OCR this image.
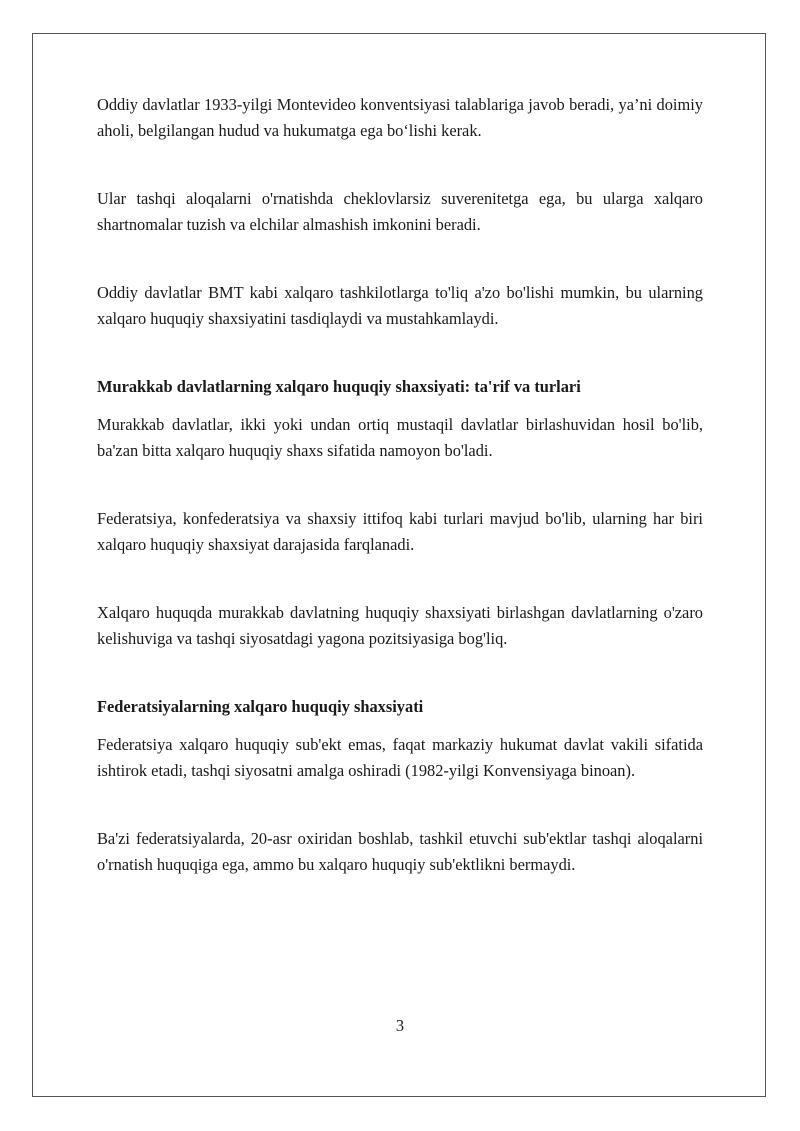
Oddiy davlatlar 1933-yilgi Montevideo konventsiyasi talablariga javob beradi, ya’ni doimiy aholi, belgilangan hudud va hukumatga ega bo‘lishi kerak.

Ular tashqi aloqalarni o'rnatishda cheklovlarsiz suverenitetga ega, bu ularga xalqaro shartnomalar tuzish va elchilar almashish imkonini beradi.

Oddiy davlatlar BMT kabi xalqaro tashkilotlarga to'liq a'zo bo'lishi mumkin, bu ularning xalqaro huquqiy shaxsiyatini tasdiqlaydi va mustahkamlaydi.

Murakkab davlatlarning xalqaro huquqiy shaxsiyati: ta'rif va turlari

Murakkab davlatlar, ikki yoki undan ortiq mustaqil davlatlar birlashuvidan hosil bo'lib, ba'zan bitta xalqaro huquqiy shaxs sifatida namoyon bo'ladi.

Federatsiya, konfederatsiya va shaxsiy ittifoq kabi turlari mavjud bo'lib, ularning har biri xalqaro huquqiy shaxsiyat darajasida farqlanadi.

Xalqaro huquqda murakkab davlatning huquqiy shaxsiyati birlashgan davlatlarning o'zaro kelishuviga va tashqi siyosatdagi yagona pozitsiyasiga bog'liq.

Federatsiyalarning xalqaro huquqiy shaxsiyati

Federatsiya xalqaro huquqiy sub'ekt emas, faqat markaziy hukumat davlat vakili sifatida ishtirok etadi, tashqi siyosatni amalga oshiradi (1982-yilgi Konvensiyaga binoan).

Ba'zi federatsiyalarda, 20-asr oxiridan boshlab, tashkil etuvchi sub'ektlar tashqi aloqalarni o'rnatish huquqiga ega, ammo bu xalqaro huquqiy sub'ektlikni bermaydi.

3
